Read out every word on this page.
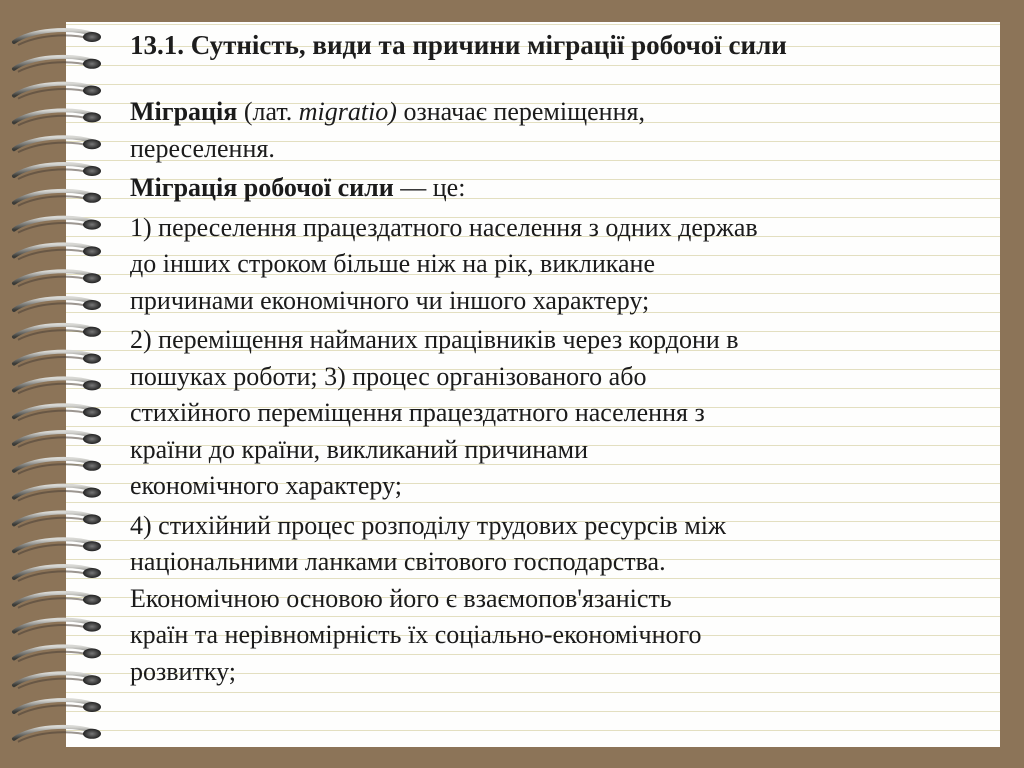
13.1. Сутність, види та причини міграції робочої сили
Міграція (лат. migratio) означає переміщення,
переселення.
Міграція робочої сили — це:
1) переселення працездатного населення з одних держав
до інших строком більше ніж на рік, викликане
причинами економічного чи іншого характеру;
2) переміщення найманих працівників через кордони в
пошуках роботи; 3) процес організованого або
стихійного переміщення працездатного населення з
країни до країни, викликаний причинами
економічного характеру;
4) стихійний процес розподілу трудових ресурсів між
національними ланками світового господарства.
Економічною основою його є взаємопов'язаність
країн та нерівномірність їх соціально-економічного
розвитку;
